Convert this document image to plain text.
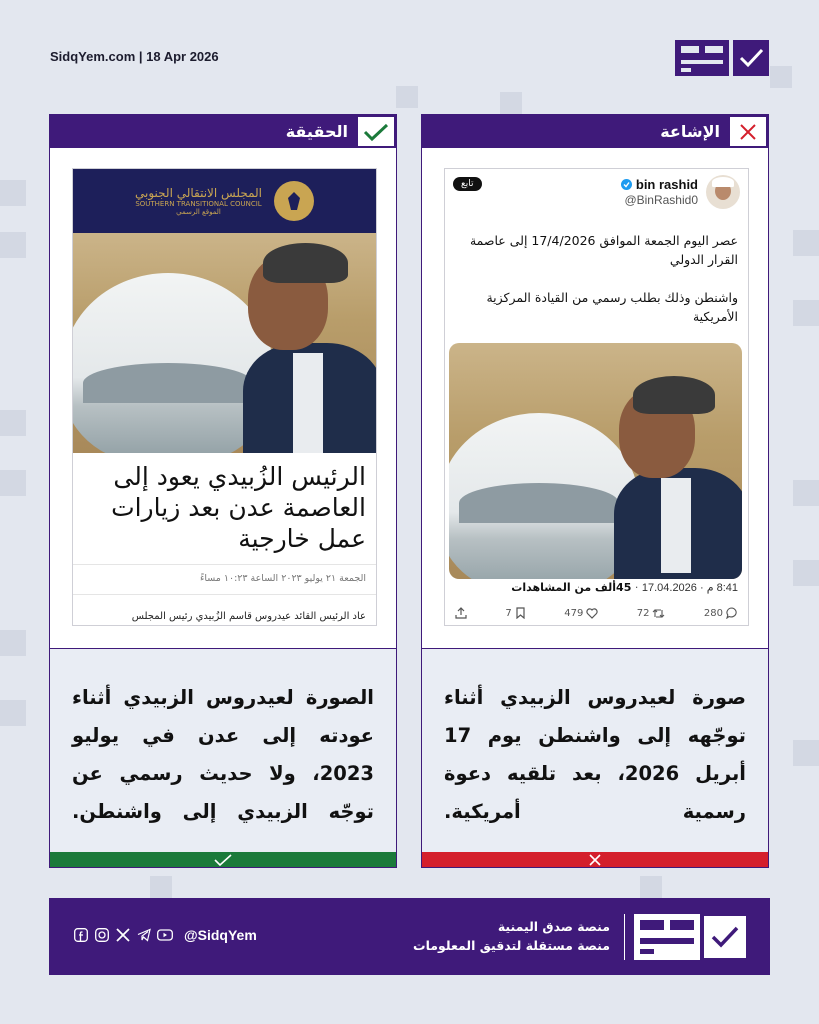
SidqYem.com | 18 Apr 2026
الحقيقة
المجلس الانتقالي الجنوبي
SOUTHERN TRANSITIONAL COUNCIL
الموقع الرسمي
الرئيس الزُبيدي يعود إلى العاصمة عدن بعد زيارات عمل خارجية
الجمعة ٢١ يوليو ٢٠٢٣ الساعة ١٠:٢٣ مساءً
عاد الرئيس القائد عيدروس قاسم الزُبيدي رئيس المجلس
الصورة لعيدروس الزبيدي أثناء عودته إلى عدن في يوليو 2023، ولا حديث رسمي عن توجّه الزبيدي إلى واشنطن.
الإشاعة
bin rashid
@BinRashid0
تابع

عصر اليوم الجمعة الموافق 17/4/2026 إلى عاصمة القرار الدولي

واشنطن وذلك بطلب رسمي من القيادة المركزية الأمريكية

8:41 م · 17.04.2026 · 45ألف من المشاهدات
7	479	72	280
صورة لعيدروس الزبيدي أثناء توجّهه إلى واشنطن يوم 17 أبريل 2026، بعد تلقيه دعوة رسمية أمريكية.
@SidqYem
منصة صدق اليمنية
منصة مستقلة لتدقيق المعلومات
